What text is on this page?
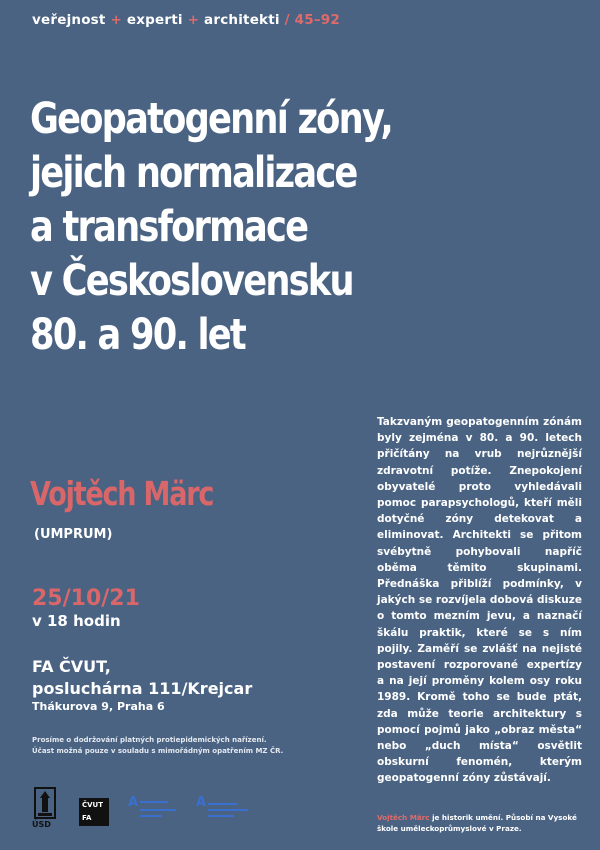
veřejnost + experti + architekti / 45–92
Geopatogenní zóny,
jejich normalizace
a transformace
v Československu
80. a 90. let
Vojtěch Märc
(UMPRUM)
25/10/21
v 18 hodin
FA ČVUT,
posluchárna 111/Krejcar
Thákurova 9, Praha 6
Prosíme o dodržování platných protiepidemických nařízení.
Účast možná pouze v souladu s mimořádným opatřením MZ ČR.
Takzvaným geopatogenním zónám byly zejména v 80. a 90. letech přičítány na vrub nejrůznější zdravotní potíže. Znepokojení obyvatelé proto vyhledávali pomoc parapsychologů, kteří měli dotyčné zóny detekovat a eliminovat. Architekti se přitom svébytně pohybovali napříč oběma těmito skupinami. Přednáška přiblíží podmínky, v jakých se rozvíjela dobová diskuze o tomto mezním jevu, a naznačí škálu praktik, které se s ním pojily. Zaměří se zvlášť na nejisté postavení rozporované expertízy a na její proměny kolem osy roku 1989. Kromě toho se bude ptát, zda může teorie architektury s pomocí pojmů jako „obraz města“ nebo „duch místa“ osvětlit obskurní fenomén, kterým geopatogenní zóny zůstávají.
Vojtěch Märc je historik umění. Působí na Vysoké
škole uměleckoprůmyslové v Praze.
ÚSD
ČVUT
FA
A	A
